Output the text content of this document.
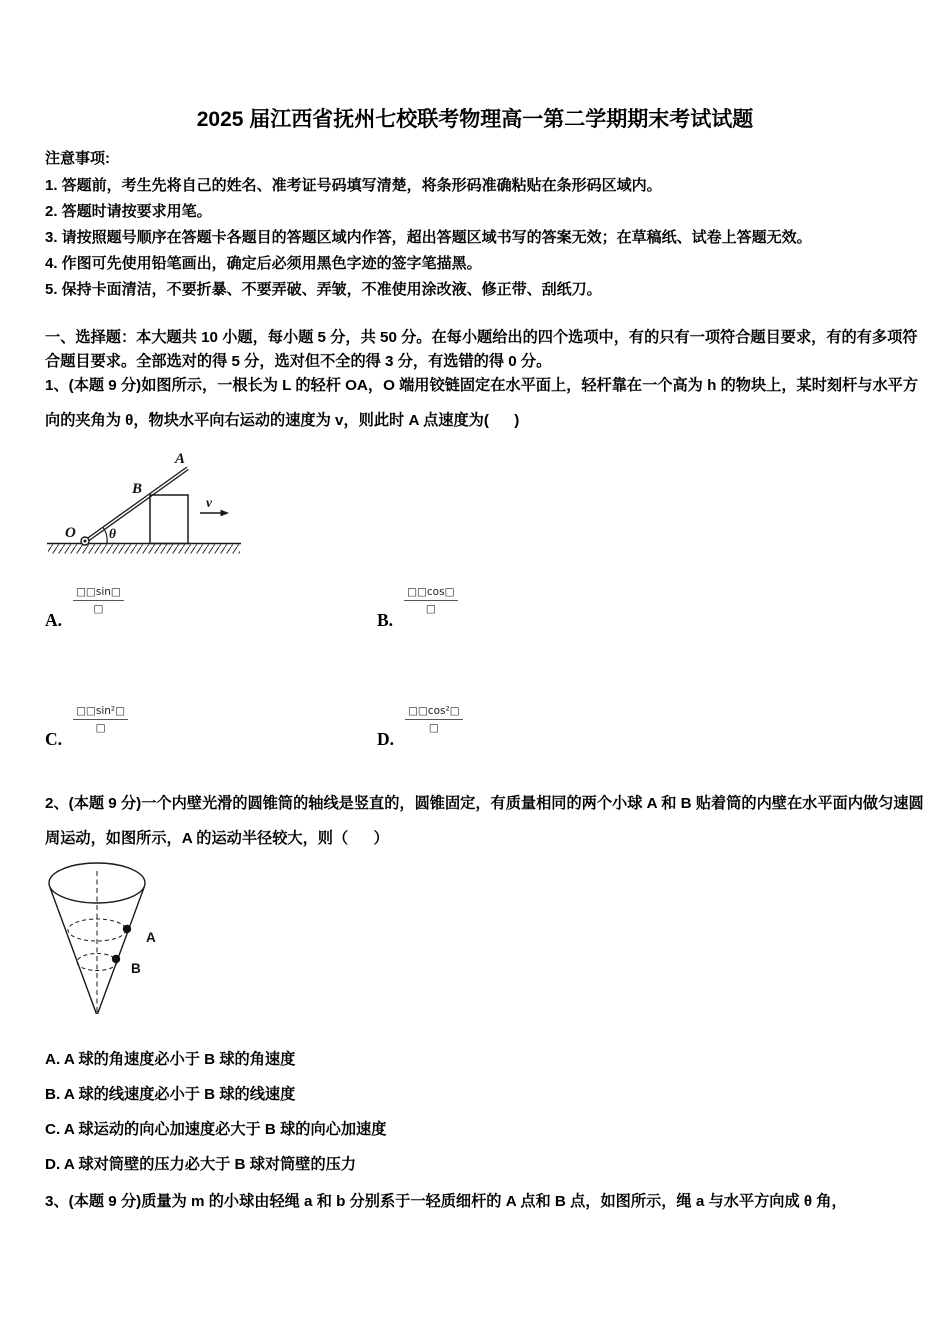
2025 届江西省抚州七校联考物理高一第二学期期末考试试题
注意事项:
1. 答题前，考生先将自己的姓名、准考证号码填写清楚，将条形码准确粘贴在条形码区域内。
2. 答题时请按要求用笔。
3. 请按照题号顺序在答题卡各题目的答题区域内作答，超出答题区域书写的答案无效；在草稿纸、试卷上答题无效。
4. 作图可先使用铅笔画出，确定后必须用黑色字迹的签字笔描黑。
5. 保持卡面清洁，不要折暴、不要弄破、弄皱，不准使用涂改液、修正带、刮纸刀。
一、选择题：本大题共 10 小题，每小题 5 分，共 50 分。在每小题给出的四个选项中，有的只有一项符合题目要求，有的有多项符合题目要求。全部选对的得 5 分，选对但不全的得 3 分，有选错的得 0 分。
1、(本题 9 分)如图所示，一根长为 L 的轻杆 OA，O 端用铰链固定在水平面上，轻杆靠在一个高为 h 的物块上，某时刻杆与水平方向的夹角为 θ，物块水平向右运动的速度为 v，则此时 A 点速度为(      )
A
B
O θ
v
A.
$\frac{□□\sin□}{□}$
B.
$\frac{□□\cos□}{□}$
C.
$\frac{\text{□□sin²□}}{□}$
D.
$\frac{\text{□□cos²□}}{□}$
2、(本题 9 分)一个内壁光滑的圆锥筒的轴线是竖直的，圆锥固定，有质量相同的两个小球 A 和 B 贴着筒的内壁在水平面内做匀速圆周运动，如图所示，A 的运动半径较大，则（      ）
A
B
A. A 球的角速度必小于 B 球的角速度
B. A 球的线速度必小于 B 球的线速度
C. A 球运动的向心加速度必大于 B 球的向心加速度
D. A 球对筒壁的压力必大于 B 球对筒壁的压力
3、(本题 9 分)质量为 m 的小球由轻绳 a 和 b 分别系于一轻质细杆的 A 点和 B 点，如图所示，绳 a 与水平方向成 θ 角，
